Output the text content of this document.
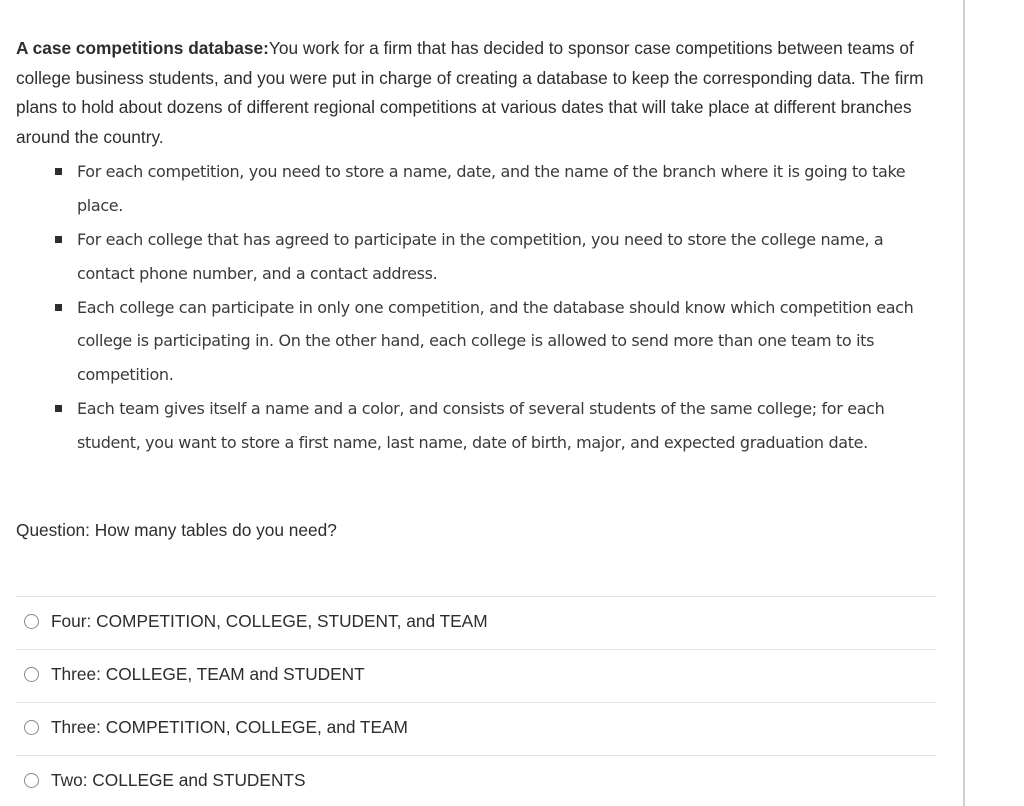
A case competitions database:You work for a firm that has decided to sponsor case competitions between teams of college business students, and you were put in charge of creating a database to keep the corresponding data. The firm plans to hold about dozens of different regional competitions at various dates that will take place at different branches around the country.

For each competition, you need to store a name, date, and the name of the branch where it is going to take place.
For each college that has agreed to participate in the competition, you need to store the college name, a contact phone number, and a contact address.
Each college can participate in only one competition, and the database should know which competition each college is participating in. On the other hand, each college is allowed to send more than one team to its competition.
Each team gives itself a name and a color, and consists of several students of the same college; for each student, you want to store a first name, last name, date of birth, major, and expected graduation date.

Question: How many tables do you need?

Four: COMPETITION, COLLEGE, STUDENT, and TEAM
Three: COLLEGE, TEAM and STUDENT
Three: COMPETITION, COLLEGE, and TEAM
Two: COLLEGE and STUDENTS
